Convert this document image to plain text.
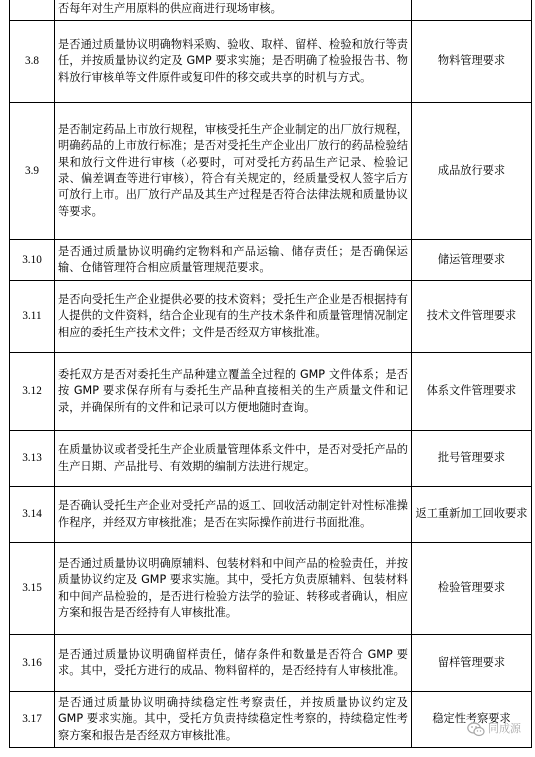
	否每年对生产用原料的供应商进行现场审核。	
3.8	是否通过质量协议明确物料采购、验收、取样、留样、检验和放行等责任，并按质量协议约定及 GMP 要求实施；是否明确了检验报告书、物料放行审核单等文件原件或复印件的移交或共享的时机与方式。	物料管理要求
3.9	是否制定药品上市放行规程，审核受托生产企业制定的出厂放行规程，明确药品的上市放行标准；是否对受托生产企业出厂放行的药品检验结果和放行文件进行审核（必要时，可对受托方药品生产记录、检验记录、偏差调查等进行审核），符合有关规定的，经质量受权人签字后方可放行上市。出厂放行产品及其生产过程是否符合法律法规和质量协议等要求。	成品放行要求
3.10	是否通过质量协议明确约定物料和产品运输、储存责任；是否确保运输、仓储管理符合相应质量管理规范要求。	储运管理要求
3.11	是否向受托生产企业提供必要的技术资料；受托生产企业是否根据持有人提供的文件资料，结合企业现有的生产技术条件和质量管理情况制定相应的委托生产技术文件；文件是否经双方审核批准。	技术文件管理要求
3.12	委托双方是否对委托生产品种建立覆盖全过程的 GMP 文件体系；是否按 GMP 要求保存所有与委托生产品种直接相关的生产质量文件和记录，并确保所有的文件和记录可以方便地随时查询。	体系文件管理要求
3.13	在质量协议或者受托生产企业质量管理体系文件中，是否对受托产品的生产日期、产品批号、有效期的编制方法进行规定。	批号管理要求
3.14	是否确认受托生产企业对受托产品的返工、回收活动制定针对性标准操作程序，并经双方审核批准；是否在实际操作前进行书面批准。	返工重新加工回收要求
3.15	是否通过质量协议明确原辅料、包装材料和中间产品的检验责任，并按质量协议约定及 GMP 要求实施。其中，受托方负责原辅料、包装材料和中间产品检验的，是否进行检验方法学的验证、转移或者确认，相应方案和报告是否经持有人审核批准。	检验管理要求
3.16	是否通过质量协议明确留样责任，储存条件和数量是否符合 GMP 要求。其中，受托方进行的成品、物料留样的，是否经持有人审核批准。	留样管理要求
3.17	是否通过质量协议明确持续稳定性考察责任，并按质量协议约定及 GMP 要求实施。其中，受托方负责持续稳定性考察的，持续稳定性考察方案和报告是否经双方审核批准。	稳定性考察要求
同成源
